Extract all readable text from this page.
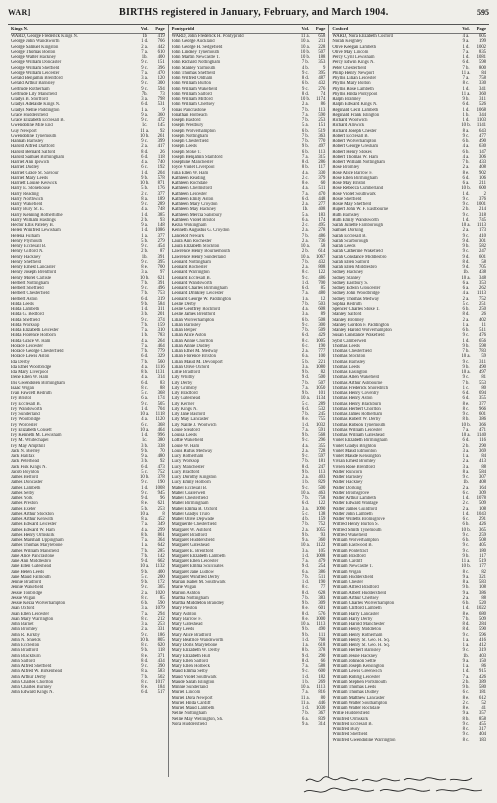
WAR]	BIRTHS registered in January, February, and March 1904.	595
Kings N.	Vol.	Page
WARD, George Frederick Kings N.	1b	419
George John Wandsworth	1 d.	766
George Samuel Kingston	2 a.	442
George Thomas Boston	7 a.	610
George Walter Hackney	1b.	400
George William Doncaster	9 c.	151
George William Sheffield	9 c.	396
George William Leicester	7 a.	470
Gerald Benjamin Brentford	3 a.	120
Gerald Arthur Barnsley	9 c.	300
Gertrude Rotherham	9 c.	594
Gertrude Lily Mansfield	7b.	73
Gladys B. Stortford	3 a.	798
Gladys Adelaide Kings N.	6 d.	531
Gladys Nellie Paddington	1 a.	9
Grace Huddersfield	9 a.	360
Grace Elizabeth Ecclesall B.	9 c.	472
Gwendoline Mile End	1c.	145
Guy Newport	11 a.	92
Gwendoline Tynemouth	10 b.	261
Hannah Barnsley	9 c.	399
Harold Alfred Dartford	2 a.	417
Harold Bernard Salford	8 d.	26
Harold Samuel Birmingham	6 d.	118
Harriet Ann Ipswich	4 a.	740
Harriet Dudley	6 c.	192
Harriet Grace St. Saviour	1 d.	204
Harriet Mary Leeds	9 b.	578
Harriett Louise Keswick	10 b.	871
Harry E. Stonehouse	5 b.	176
Harry Reading	2 c.	377
Harry Northwich	8 a.	189
Harry Wakefield	9 c.	289
Harry Bury St. E.	4 a.	748
Harry Kenning Rotherhithe	1 d.	385
Harry William Hastings	2 b.	93
Hector Ellis Pateley B.	9 a.	148
Helen Winifred Lewisham	1 d.	1086
Helena Fulham	1 a.	377
Henry Plymouth	5 b.	279
Henry Ecclesall B.	9 c.	454
Henry Gilford N.	2 b.	87
Henry Hackney	1b.	391
Henry Sheffield	9 c.	395
Henry Ernest Lancaster	8 e.	700
Henry Joseph Brentford	3 a.	97
Henry Morel Carlisle	10 b.	621
Herbert Nottingham	7 b.	391
Herbert Sheffield	9 c.	496
Herbert Chesterfield	7 b.	753
Herbert Aston	6 d.	319
Hilda Leeds	9 b.	584
Hilda Lambeth	1 d.	311
Hilda G. Bedford	3 b.	201
Hilda Sheffield	9 c.	374
Hilda Worksop	7 b.	159
Hilda Elizabeth Leicester	7 a.	310
Hilda Florence Holborn	1 b.	783
Hilda Grace W. Ham	4 a.	264
Horace Leicester	7 a.	464
Horace George Chesterfield	7 b.	779
Horace Lewis Aston	6 d.	329
Ida Derby	7 b.	560
Ida Ethel Woolbridge	4 a.	1116
Ida Mary Liverpool	8 b.	1131
Irene Ellen W. Ham	4 a.	314
Iris Gwendolen Birmingham	6 d.	83
Isaac Wigan	8 c.	88
Ivan Fawcett Redruth	5 c.	368
Ivy Bristol	6 a.	174
Ivy Ecclesall B.	9 c.	505
Ivy Wandsworth	1 d.	704
Ivy Sunderland	10 a.	1118
Ivy Woolbridge	4 a.	1120
Ivy Worcester	6 c.	368
Ivy Elizabeth Consett	10 a.	464
Ivy Kenneth M. Lewisham	1 d.	996
Ivy M. Whitechapel	1c.	380
Ivy May Ampthill	3 b.	338
Jack N. Bierley	9 b.	70
Jack Halifax	9 a.	480
Jack Peterhead	3 b.	92
Jack Fisk Kings N.	6 d.	473
Jacob Boynton	5 c.	752
James Belford	10 b.	378
James Doncaster	9 c.	190
James Lambeth	1 d.	1008
James Selby	9 c.	945
James York	9 d.	96
James Preston	8 e.	621
James Exeter	5 b.	253
James Arthur Stockton	10 a.	8
James Arthur Kenwith	8 a.	452
James Edward Leicester	7 a.	349
James Edward W. Ham	4 a.	299
James Henry Ormskirk	8 b.	861
James Marshall Uppingham	7 a.	364
James Thomas Marylebone	1 a.	642
James William Mansfield	7 b.	285
Jane Alice Pancrastone	7 b.	142
Jane Ann Middlesbro	9 d.	662
Jane Ellen Gateshead	10 a.	1132
Jane Helen Leeds	9 b.	400
Jane Maud Falmouth	5 c.	200
Jennie Bradford	9 b.	172
Jennie Wakefield	9 c.	305
Jessie Tonbridge	2 a.	1020
Jessie Wigan	8 c.	85
Jessie Kezia Wolverhampton	6 b.	590
Joan Oxford	3 a.	1079
Joan Ellen Leicester	7 a.	294
Joan Mary Warrington	8 c.	212
John Barnet	3 a.	253
John Bromley	2 a.	331
John R. Kirkby	9 c.	186
John N. Shields	10 b.	805
John Eccleston	8 c.	620
John Bradford	9 b.	118
John Blackburn	8 e.	371
John Salford	8 d.	434
John Alfred Sheffield	9 c.	390
John Alfred W. Birkenhead	8 a.	583
John Arthur Derby	7 b.	502
John Charles Chorlton	8 c.	1017
John Charles Burnley	8 e.	184
John Edward Kings N.	6 d.	517
Pontypridd	Vol.	Page
WARD, John Frederick H. Pontypridd	11 a.	658
John George Auckland	10 a.	211
John George H. Sedgefield	10 a.	228
John Lindsey Tynemouth	10 b.	507
John Martin Newcastle T.	10 b.	188
John Richard Nottingham	7 b.	353
John Stanley Yarmouth	4 b.	9
John Thomas Sheffield	9 c.	395
John Wilfred Oldham	8 d.	487
John William Burton	6 b.	432
John William Wakefield	9 c.	276
John William Salford	8 d.	74
John William Mitford	10 b.	1174
John William Chertsey	2 a.	86
Jonas Pancrastone	7 b.	113
Jonathan Holbeach	7 a.	590
Joseph Basford	7 b.	253
Joseph Westbury	5 a.	151
Joseph Wolverhampton	6 b.	519
Joseph Nottingham	7 b.	363
Joseph Chesterfield	7 b.	770
Joseph Leeds	9 b.	497
Joseph Stoke T.	6 b.	113
Joseph Benjamin Stamford	7 a.	315
Josephine Manchester	8 d.	286
Joyce Violet Liverpool	8 b.	117
Julia Ellen W. Ham	4 a.	330
Kathleen Reading	2 c.	379
Kathleen Rochdale	8 e.	60
Kathleen Chelmsford	4 a.	511
Kathleen Leicester	7 a.	470
Kathleen Emily Aston	6 d.	448
Kathleen Mary Croydon	2 a.	277
Kathleen May Hackney	1b.	408
Kathleen Mercia Salisbury	5 a.	183
Kathleen Violet Bristol	6 a.	174
Kezia Wokingham	2 c.	495
Kenneth Augustus G. Croydon	2 a.	278
Lancelot Newark	7 b.	486
Laura Ann Rochester	2 a.	736
Laura Elizabeth Stockton	10 a.	58
Lawrence Henry Bournemouth	2 b.	614
Lawrence Henry Sunderland	10 a.	1067
Leonard Nottingham	7 b.	432
Leonard Rochester	2 a.	808
Leonard Warrington	8 c.	122
Leonard Ecclesall B.	9 c.	486
Leonard Wandsworth	1 d.	700
Leonard Charles Birmingham	6 d.	85
Leonard Drinkley Leicester	7 a.	480
Leonard George W. Paddington	1 a.	12
Leslie Derby	7 b.	503
Leslie Geoffrey Rochford	4 a.	608
Leslie James Brentford	3 a.	89
Lilian Wolverhampton	6 b.	508
Lilian Barnsley	9 c.	300
Lilian Belper	7 b.	509
Lilian Alice Aston	6 d.	429
Lilian Annie Chorlton	8 c.	1005
Lilian Annie Dudley	6 c.	190
Lilian Ethel M. Medway	2 a.	777
Lilian Florence Brixton	6 a.	100
Lilian Maud M. Devonport	5 b.	221
Lilian Olive Oxford	3 a.	1080
Lillie Bradford	9 b.	82
Lily Whitby	9 d.	500
Lily Derby	7 b.	507
Lily Grimsby	7 a.	1050
Lily Bradford	9 b.	101
Lily Gateshead	10 a.	1134
Lily Kerrier	5 c.	289
Lily Kings N.	6 d.	532
Lily Jane Basford	7 b.	245
Lily May Lancaster	8 e.	755
Lily Naille J. Woolwich	1 d.	1032
Louie Sleaford	7 a.	591
Louisa Leeds	9 b.	568
Lottie Wakefield	9 c.	296
Louie W. Ham	4 a.	355
Louis Rufus Medway	2 a.	728
Lucy Rotherham	9 c.	597
Lucy Worksop	7 b.	181
Lucy Manchester	8 d.	247
Lucy Bradford	9 b.	113
Lucy Dorothy Kingston	2 a.	403
Lucy Emily Holborn	1 b.	829
Mabel Ecclesall B.	9 c.	500
Mabel Coalerwell	10 a.	463
Mabel Chesterfield	7 b.	758
Mabel Birmingham	6 d.	122
Mabel Emma B. Oxford	3 a.	1090
Mabel Gladys Truro	5 c.	138
Mabel Olive Depwade	4 b.	159
Marguerite Chesterfield	7 b.	752
Margaret W. Ashford	2 a.	1055
Margaret Bradford	9 b.	93
Margaret Huddersfield	9 a.	360
Margaret Gateshead	10 a.	1122
Margaret E. Brentford	3 a.	105
Margaret Elizabeth Lambeth	1 d.	1008
Margaret Ellen Leicester	7 a.	479
Margaret Emma Sculcoates	9 d.	254
Margaret Jane Ludlow	6 a.	386
Margaret Winifred Derby	7 b.	511
Marian Isabel M. Southwark	1 d.	190
Marie Wigan	8 c.	77
Marion Ashton	8 d.	628
Martha Nottingham	7 b.	383
Martha Middleton Brandley	9 b.	309
Mary Preston	8 e.	601
Mary Ashton	8 d.	576
Mary Barrow F.	8 e.	1000
Mary Gateshead	10 a.	1113
Mary Leeds	9 b.	490
Mary Alice Bradford	9 b.	111
Mary Beatrice Wandsworth	1 d.	768
Mary Doris Marylebone	1 a.	618
Mary Elizabeth W. Derby	8 b.	378
Mary Elizabeth Hull	9 d.	290
Mary Ellen Salford	8 d.	66
Mary Ellen Holbeck	7 a.	588
Maud Emma Selby	9 c.	600
Maud Violet Southwark	1 d.	182
Maude Sarah Islington	1 b.	269
Minnie Sunderland	10 a.	1113
Muriel Lincoln	7 a.	816
Muriel Dora Newport	11 a.	80
Muriel Hilda Cardiff	11 a.	446
Muriel Maud Lambeth	1 d.	1030
Nellie Nottingham	7 b.	367
Nellie May Wellington, Sh.	6 a.	839
Nora Huddersfield	9 a.	314
Cosford	Vol.	Page
WARD, Nora Elizabeth Cosford	4 a.	605
Norah Keighley	9 a.	199
Olive Keegan Lambeth	1 d.	1002
Olive May Lincoln	7 a.	835
Percy Cyril Lewisham	1 d.	1081
Percy Edwin Kings N.	6 d.	598
Peter Chesterfield	7 b.	800
Philip Henry Newport	11 a.	84
Phyllis Lilian Leicester	7 a.	758
Phyllis Mary Bolton	8 c.	330
Phyllis Rose Lambeth	1 d.	341
Phyllis Hilda Pontypool	11 a.	360
Ralph Bramley	9 b.	311
Ralph Edward Kings N.	6 d.	526
Reginald Cecil Lambeth	1 d.	1068
Reginald Frank Islington	1 b.	344
Richard Woolwich	1 d.	1103
Richard Alnwick	10 b.	1141
Richard Joseph Chester	8 a.	643
Robert Ecclesall B.	9 c.	477
Robert Wolverhampton	6 b.	490
Robert George Gresham	4 a.	630
Robert Henry Stokes	6 b.	147
Robert Thomas W. Ham	4 a.	306
Robert William Nottingham	7 b.	433
Rose Bromley	2 a.	408
Rose Alice Barrow F.	8 e.	902
Rose Ellen Birmingham	6 d.	106
Rose May Bristol	6 a.	211
Rose Rebecca Cumberland	10 b.	600
Rose Violet Southwark	1 d.	2
Rosie Sheffield	9 c.	376
Rosie May Sheffield	9 c.	1001
Rupert John W. F. Eastbourne	2 b.	214
Ruth Barnsley	9 c.	318
Ruth Emily Wandsworth	1 d.	745
Sarah Juliette Farnborough	10 a.	1113
Samuel Dorking	2 a.	173
Sarah Ecclesall B.	9 c.	410
Sarah Scarborough	9 d.	301
Sarah Leeds	9 b.	582
Sarah Catherine Wakefield	9 c.	247
Sarah Constance Middlesbro	9 d.	601
Sarah Ellen Salford	8 d.	58
Sarah Ellen Middlesbro	9 d.	705
Sidney Hackney	1b.	438
Sidney Stanley	10 a.	348
Sidney Eastbury S.	6 a.	353
Sidney Edwin Gloucester	6 a.	262
Sidney John Woodbridge	4 a.	1113
Sidney Thomas Medway	2 a.	752
Sophia Redruth	5 c.	251
Spencer Charles Stoke T.	6 b.	250
Stanley Salford	8 d.	26
Stanley Bromley	2 a.	402
Stanley Gordon F. Paddington	1 a.	11
Stanley Harold Wolverhampton	6 b.	511
Susan Constance Wakefield	9 c.	476
Sybil Camberwell	1 d.	656
Thomas Leeds	9 b.	598
Thomas Chesterfield	7 b.	783
Thomas Stockton	10 a.	59
Thomas Barnsley	9 c.	311
Thomas Leeds	9 b.	490
Thomas Easington	10 a.	497
Thomas Allen Wakefield	9 c.	81
Thomas Arthur Ashbourne	7 b.	553
Thomas Frederick Shoreditch	1 c.	80
Thomas Henry Coventry	6 d.	694
Thomas Henry Aston	6 d.	355
Thomas Henry Blackburn	8 e.	377
Thomas Herbert Chorlton	8 c.	966
Thomas James Rotherham	9 c.	601
Thomas Robert W. Derby	8 b.	386
Thomas Robson Tynemouth	10 b.	366
Thomas William Leicester	7 a.	471
Thomas William Gateshead	10 a.	1140
Violet Elizabeth Birmingham	6 d.	116
Violet Gladys Brighton	2 b.	290
Violet Maud Edmonton	3 a.	369
Violet Maude Kensington	1 a.	84
Vivian Ernest Bromley	2 a.	413
Vivien Rose Brentford	3 a.	88
Walter Runcorn	8 a.	584
Walter Barnsley	9 c.	307
Walter Hackney	1b.	408
Walter Dorking	2 a.	164
Walter Bromsgrove	6 c.	309
Walter Arthur Lambeth	1 d.	1078
Walter Edward Wantage	2 c.	509
Walter James Guildford	2 a.	108
Walter John Lambeth	1 d.	1043
Walter Willetts Bromsgrove	6 c.	291
Wilfred Henry Burton S.	6 b.	426
Wilfred Smith Tynemouth	10 b.	365
Wilfred Wakefield	9 c.	259
William Wolverhampton	6 b.	508
William Eastwood B.	9 c.	405
William Pontefract	9 c.	180
William Bradford	9 b.	117
William Cardiff	11 a.	519
William Newcastle T.	10 b.	177
William Wigan	8 c.	82
William Huddersfield	9 a.	321
William Chester	8 a.	583
William Alfred Bradford	9 b.	108
William Albert Huddersfield	9 a.	386
William Arthur Chertsey	2 a.	88
William Charles Wolverhampton	6 b.	520
William Clifford Lambeth	1 d.	1022
William Harry Lancaster	8 e.	680
William Harry Derby	7 b.	509
William Harold Manchester	8 d.	284
William Henry Middleton	8 d.	590
William Henry Rotherham	9 c.	596
William Henry St. Geo. H. Sq.	1 a.	416
William Henry St. Geo. H. Sq.	1 a.	412
William Herbert Barnsley	9 c.	319
William Jessie Hackney	1b.	403
William Johnson Settle	9 a.	150
William Joseph Kensington	1 a.	86
William Lewis Greenwich	1 d.	915
William Rohrig Leicester	7 a.	426
William Stephen Portsmouth	2 b.	389
William Thomas Leeds	9 b.	580
William Thomas Dudley	6 c.	181
William Matthew Lancaster	8 e.	612
William Walter Southampton	2 c.	52
William Walter Rochdale	8 e.	41
Willie Huddersfield	9 a.	357
Winifred Ormskirk	8 b.	858
Winifred Ecclesall B.	9 c.	455
Winifred Bury	8 c.	317
Winifred Sheffield	9 c.	404
Winifred Gwendoline Warrington	8 c.	183
